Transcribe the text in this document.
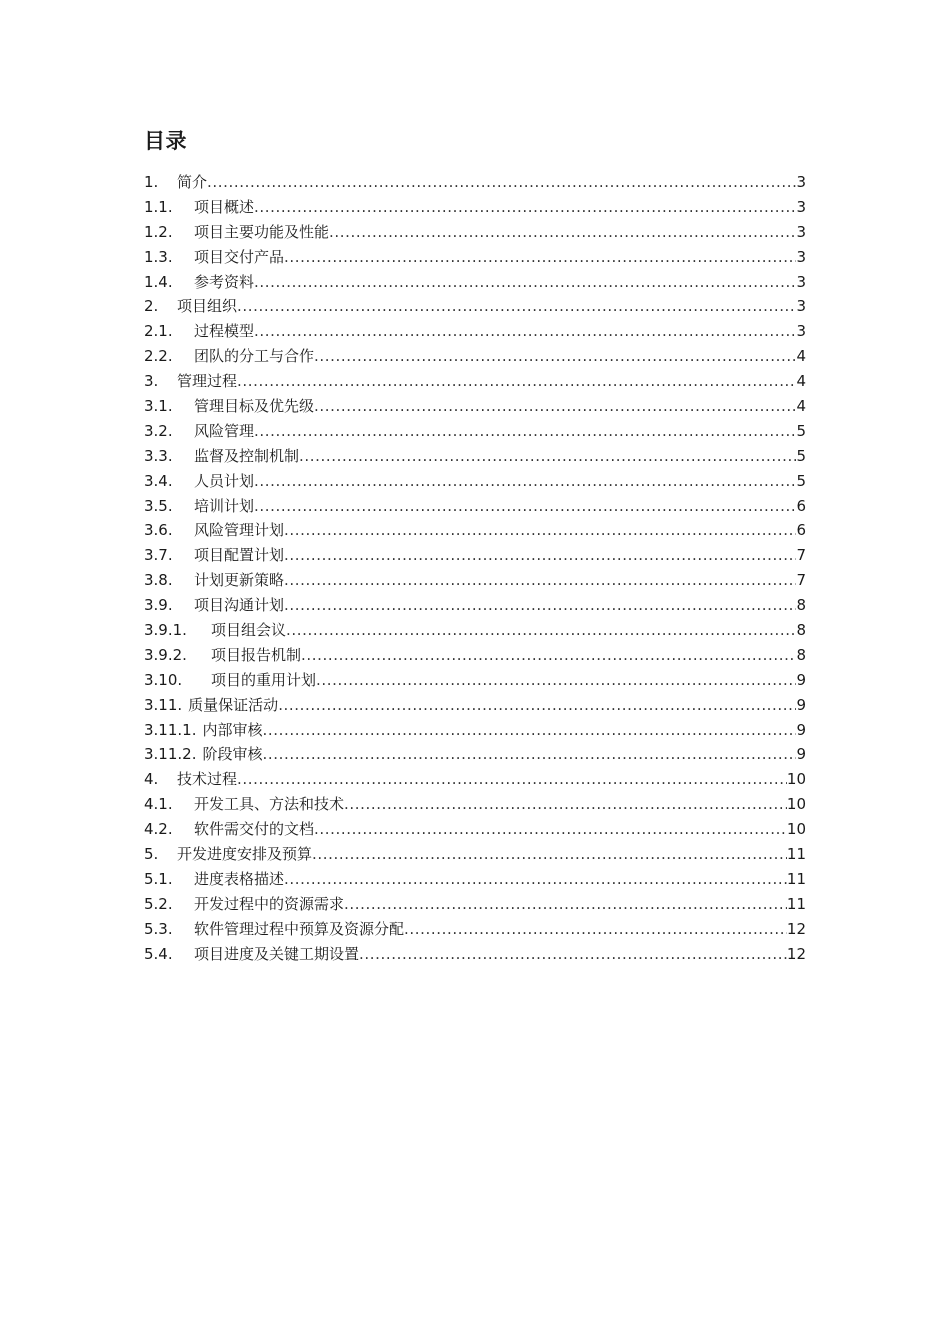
目录
1.	简介 .....	3
1.1.	项目概述 .....	3
1.2.	项目主要功能及性能 .....	3
1.3.	项目交付产品 .....	3
1.4.	参考资料 .....	3
2.	项目组织 .....	3
2.1.	过程模型 .....	3
2.2.	团队的分工与合作 .....	4
3.	管理过程 .....	4
3.1.	管理目标及优先级 .....	4
3.2.	风险管理 .....	5
3.3.	监督及控制机制 .....	5
3.4.	人员计划 .....	5
3.5.	培训计划 .....	6
3.6.	风险管理计划 .....	6
3.7.	项目配置计划 .....	7
3.8.	计划更新策略 .....	7
3.9.	项目沟通计划 .....	8
3.9.1.	项目组会议 .....	8
3.9.2.	项目报告机制 .....	8
3.10.	项目的重用计划 .....	9
3.11. 质量保证活动 .....	9
3.11.1. 内部审核 .....	9
3.11.2. 阶段审核 .....	9
4.	技术过程 .....	10
4.1.	开发工具、方法和技术 .....	10
4.2.	软件需交付的文档 .....	10
5.	开发进度安排及预算 .....	11
5.1.	进度表格描述 .....	11
5.2.	开发过程中的资源需求 .....	11
5.3.	软件管理过程中预算及资源分配 .....	12
5.4.	项目进度及关键工期设置 .....	12
